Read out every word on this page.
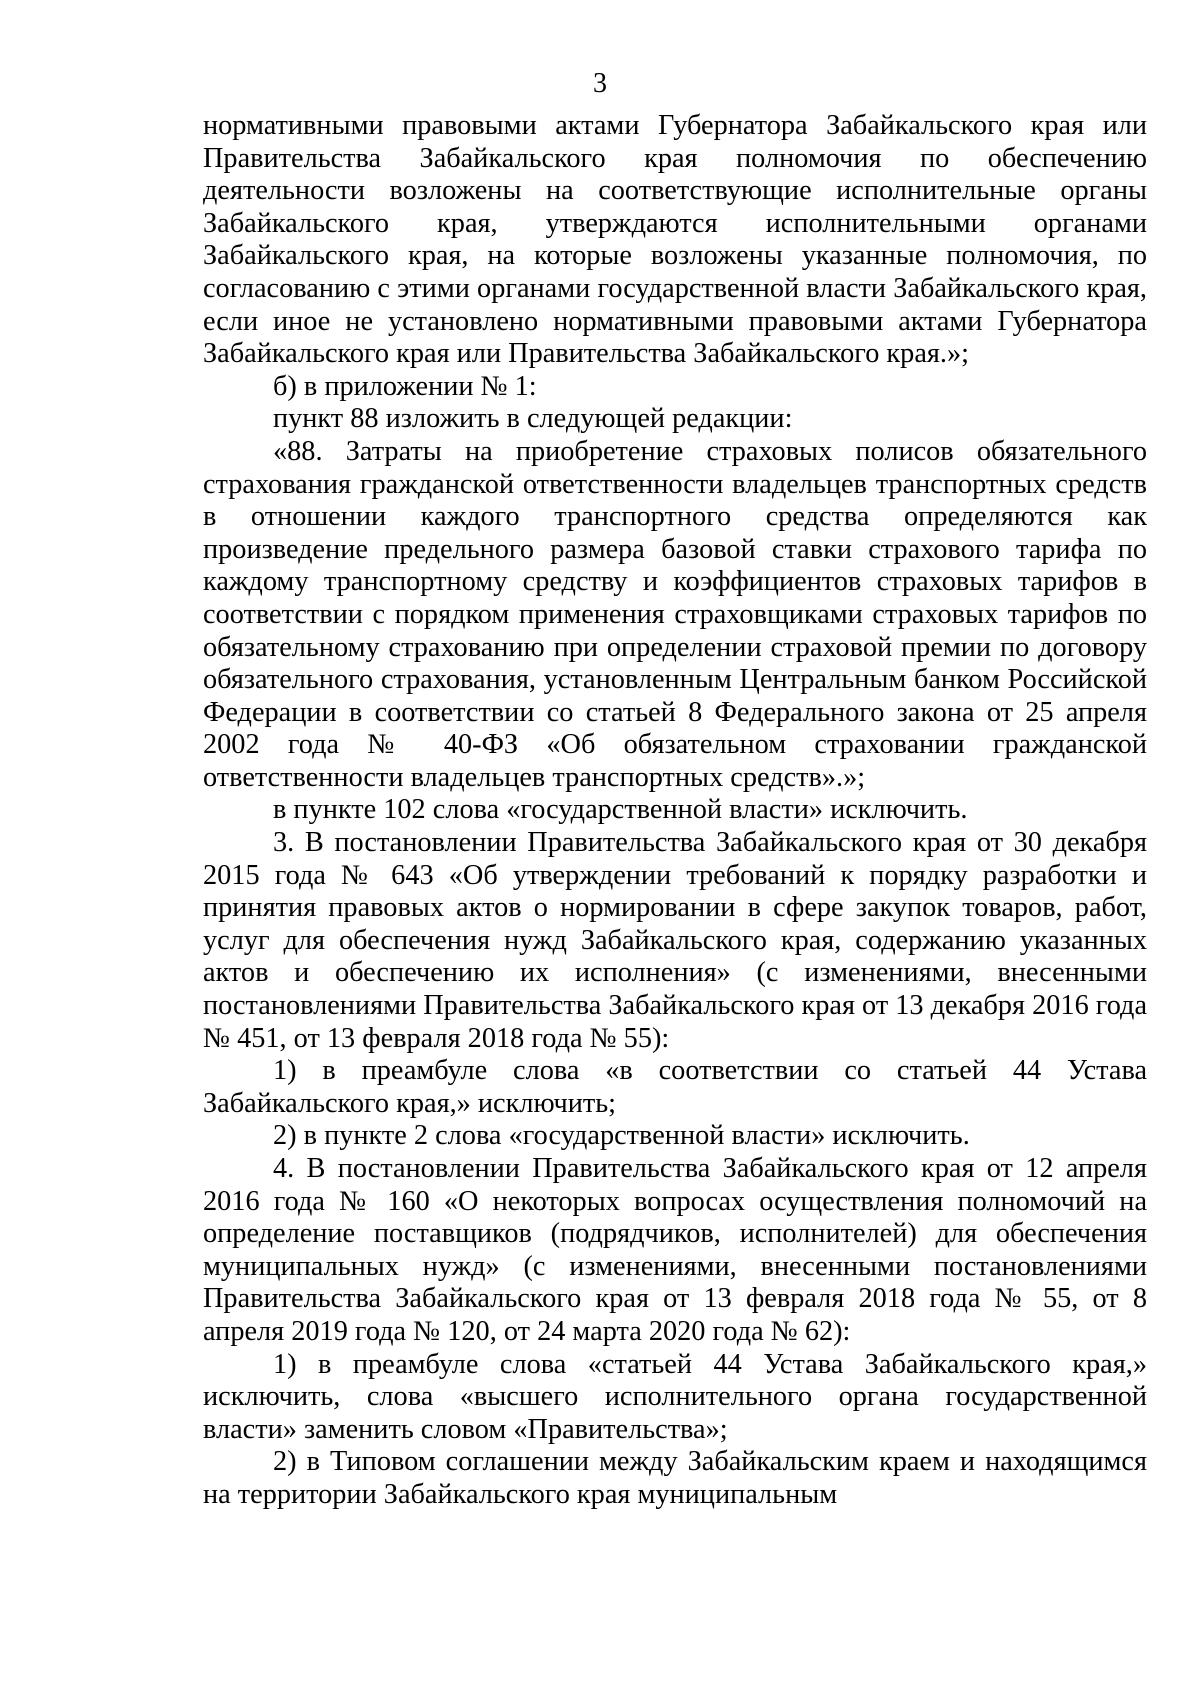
3

нормативными правовыми актами Губернатора Забайкальского края или Правительства Забайкальского края полномочия по обеспечению деятельности возложены на соответствующие исполнительные органы Забайкальского края, утверждаются исполнительными органами Забайкальского края, на которые возложены указанные полномочия, по согласованию с этими органами государственной власти Забайкальского края, если иное не установлено нормативными правовыми актами Губернатора Забайкальского края или Правительства Забайкальского края.»;

б) в приложении № 1:

пункт 88 изложить в следующей редакции:

«88. Затраты на приобретение страховых полисов обязательного страхования гражданской ответственности владельцев транспортных средств в отношении каждого транспортного средства определяются как произведение предельного размера базовой ставки страхового тарифа по каждому транспортному средству и коэффициентов страховых тарифов в соответствии с порядком применения страховщиками страховых тарифов по обязательному страхованию при определении страховой премии по договору обязательного страхования, установленным Центральным банком Российской Федерации в соответствии со статьей 8 Федерального закона от 25 апреля 2002 года № 40-ФЗ «Об обязательном страховании гражданской ответственности владельцев транспортных средств».»;

в пункте 102 слова «государственной власти» исключить.

3. В постановлении Правительства Забайкальского края от 30 декабря 2015 года № 643 «Об утверждении требований к порядку разработки и принятия правовых актов о нормировании в сфере закупок товаров, работ, услуг для обеспечения нужд Забайкальского края, содержанию указанных актов и обеспечению их исполнения» (с изменениями, внесенными постановлениями Правительства Забайкальского края от 13 декабря 2016 года № 451, от 13 февраля 2018 года № 55):

1) в преамбуле слова «в соответствии со статьей 44 Устава Забайкальского края,» исключить;

2) в пункте 2 слова «государственной власти» исключить.

4. В постановлении Правительства Забайкальского края от 12 апреля 2016 года № 160 «О некоторых вопросах осуществления полномочий на определение поставщиков (подрядчиков, исполнителей) для обеспечения муниципальных нужд» (с изменениями, внесенными постановлениями Правительства Забайкальского края от 13 февраля 2018 года № 55, от 8 апреля 2019 года № 120, от 24 марта 2020 года № 62):

1) в преамбуле слова «статьей 44 Устава Забайкальского края,» исключить, слова «высшего исполнительного органа государственной власти» заменить словом «Правительства»;

2) в Типовом соглашении между Забайкальским краем и находящимся на территории Забайкальского края муниципальным
